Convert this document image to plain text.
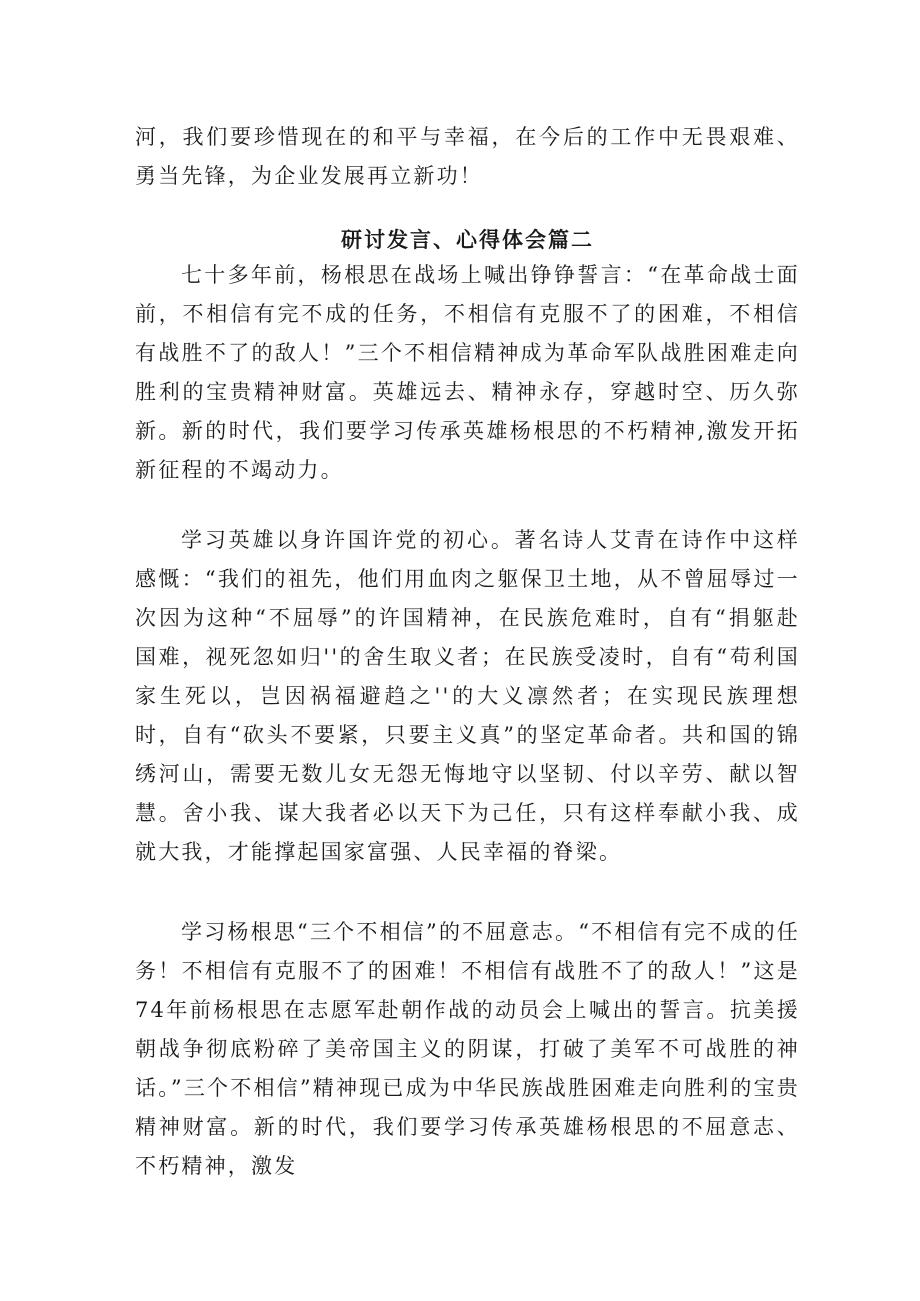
河，我们要珍惜现在的和平与幸福，在今后的工作中无畏艰难、勇当先锋，为企业发展再立新功！

研讨发言、心得体会篇二

七十多年前，杨根思在战场上喊出铮铮誓言：“在革命战士面前，不相信有完不成的任务，不相信有克服不了的困难，不相信有战胜不了的敌人！”三个不相信精神成为革命军队战胜困难走向胜利的宝贵精神财富。英雄远去、精神永存，穿越时空、历久弥新。新的时代，我们要学习传承英雄杨根思的不朽精神,激发开拓新征程的不竭动力。

学习英雄以身许国许党的初心。著名诗人艾青在诗作中这样感慨：“我们的祖先，他们用血肉之躯保卫土地，从不曾屈辱过一次因为这种“不屈辱”的许国精神，在民族危难时，自有“捐躯赴国难，视死忽如归''的舍生取义者；在民族受凌时，自有“苟利国家生死以，岂因祸福避趋之''的大义凛然者；在实现民族理想时，自有“砍头不要紧，只要主义真”的坚定革命者。共和国的锦绣河山，需要无数儿女无怨无悔地守以坚韧、付以辛劳、献以智慧。舍小我、谋大我者必以天下为己任，只有这样奉献小我、成就大我，才能撑起国家富强、人民幸福的脊梁。

学习杨根思“三个不相信”的不屈意志。“不相信有完不成的任务！不相信有克服不了的困难！不相信有战胜不了的敌人！”这是74年前杨根思在志愿军赴朝作战的动员会上喊出的誓言。抗美援朝战争彻底粉碎了美帝国主义的阴谋，打破了美军不可战胜的神话。”三个不相信”精神现已成为中华民族战胜困难走向胜利的宝贵精神财富。新的时代，我们要学习传承英雄杨根思的不屈意志、不朽精神，激发
